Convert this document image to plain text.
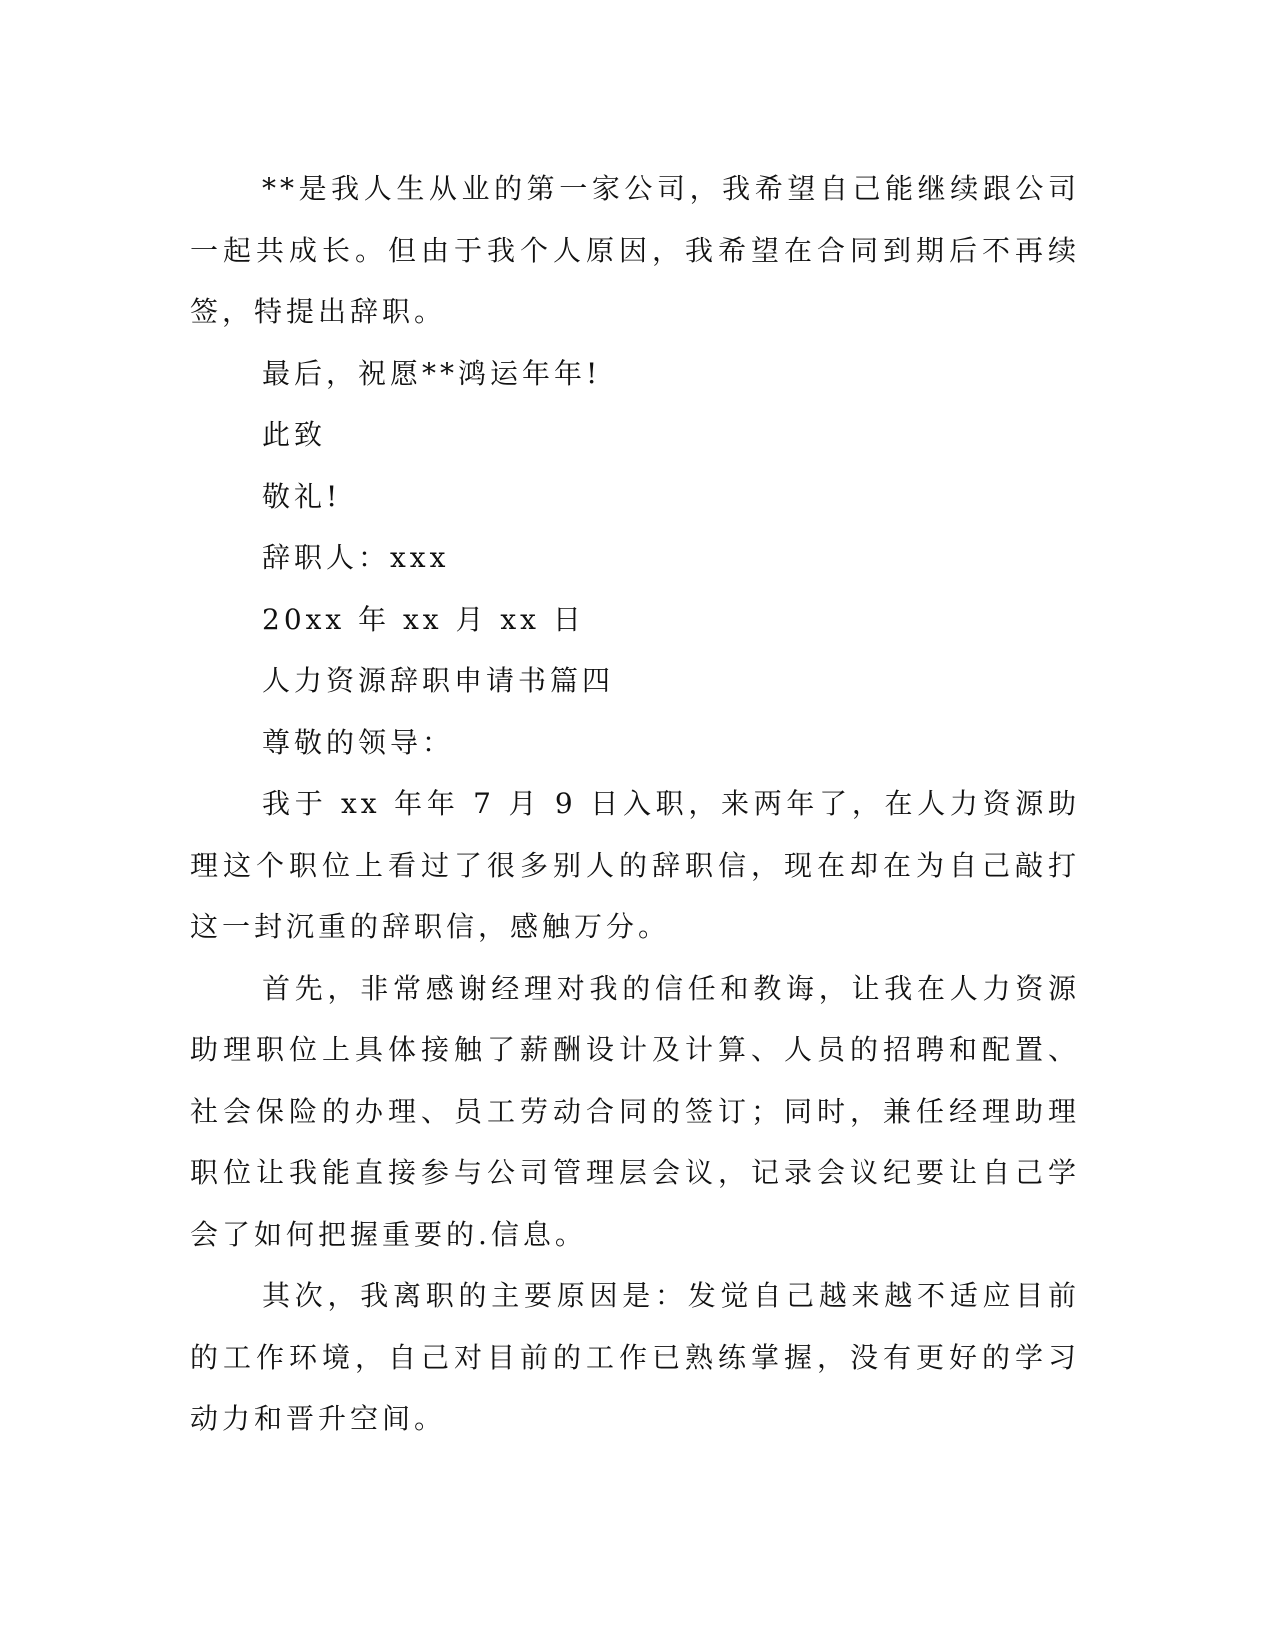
**是我人生从业的第一家公司，我希望自己能继续跟公司一起共成长。但由于我个人原因，我希望在合同到期后不再续签，特提出辞职。

最后，祝愿**鸿运年年!

此致

敬礼!

辞职人：xxx

20xx 年 xx 月 xx 日

人力资源辞职申请书篇四

尊敬的领导：

我于 xx 年年 7 月 9 日入职，来两年了，在人力资源助理这个职位上看过了很多别人的辞职信，现在却在为自己敲打这一封沉重的辞职信，感触万分。

首先，非常感谢经理对我的信任和教诲，让我在人力资源助理职位上具体接触了薪酬设计及计算、人员的招聘和配置、社会保险的办理、员工劳动合同的签订；同时，兼任经理助理职位让我能直接参与公司管理层会议，记录会议纪要让自己学会了如何把握重要的.信息。

其次，我离职的主要原因是：发觉自己越来越不适应目前的工作环境，自己对目前的工作已熟练掌握，没有更好的学习动力和晋升空间。
